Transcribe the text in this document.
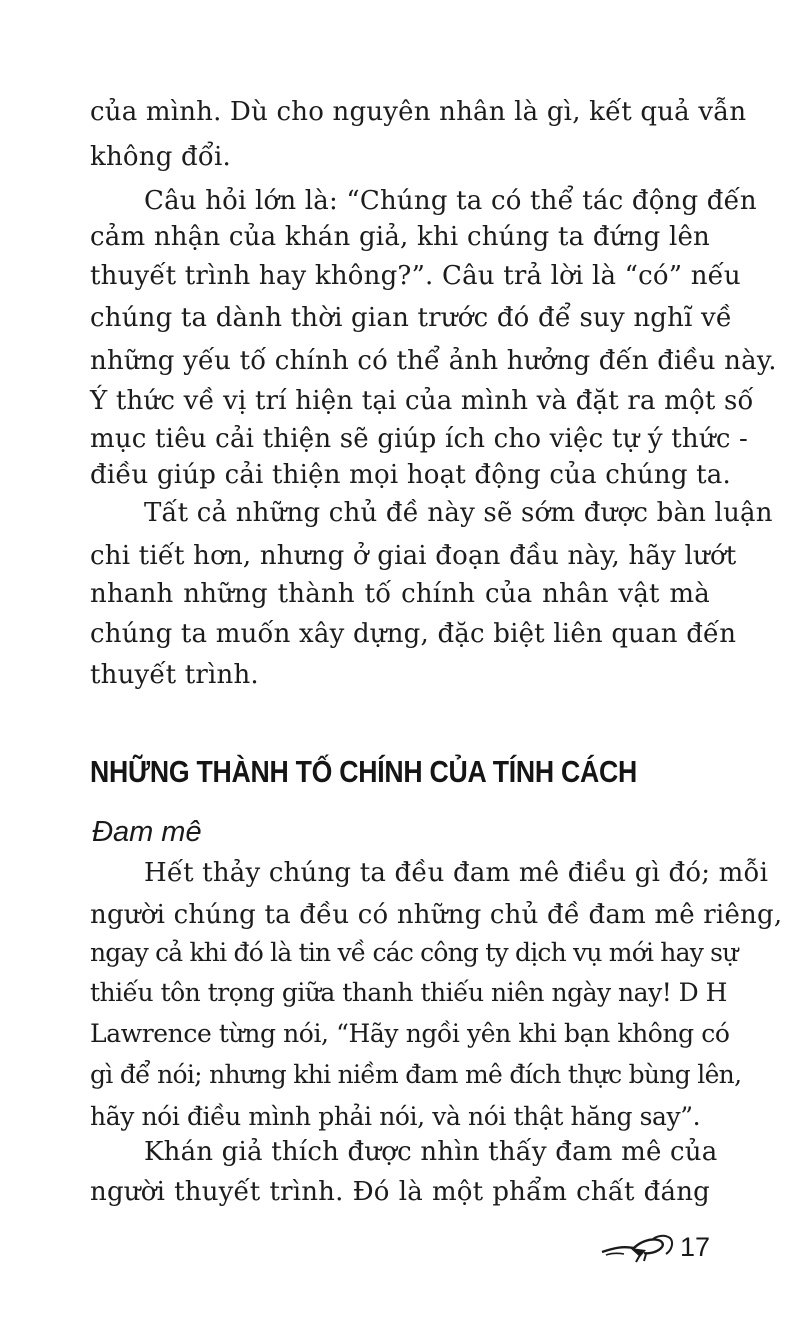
của mình. Dù cho nguyên nhân là gì, kết quả vẫn
không đổi.
Câu hỏi lớn là: “Chúng ta có thể tác động đến
cảm nhận của khán giả, khi chúng ta đứng lên
thuyết trình hay không?”. Câu trả lời là “có” nếu
chúng ta dành thời gian trước đó để suy nghĩ về
những yếu tố chính có thể ảnh hưởng đến điều này.
Ý thức về vị trí hiện tại của mình và đặt ra một số
mục tiêu cải thiện sẽ giúp ích cho việc tự ý thức -
điều giúp cải thiện mọi hoạt động của chúng ta.
Tất cả những chủ đề này sẽ sớm được bàn luận
chi tiết hơn, nhưng ở giai đoạn đầu này, hãy lướt
nhanh những thành tố chính của nhân vật mà
chúng ta muốn xây dựng, đặc biệt liên quan đến
thuyết trình.
NHỮNG THÀNH TỐ CHÍNH CỦA TÍNH CÁCH
Đam mê
Hết thảy chúng ta đều đam mê điều gì đó; mỗi
người chúng ta đều có những chủ đề đam mê riêng,
ngay cả khi đó là tin về các công ty dịch vụ mới hay sự
thiếu tôn trọng giữa thanh thiếu niên ngày nay! D H
Lawrence từng nói, “Hãy ngồi yên khi bạn không có
gì để nói; nhưng khi niềm đam mê đích thực bùng lên,
hãy nói điều mình phải nói, và nói thật hăng say”.
Khán giả thích được nhìn thấy đam mê của
người thuyết trình. Đó là một phẩm chất đáng
17
